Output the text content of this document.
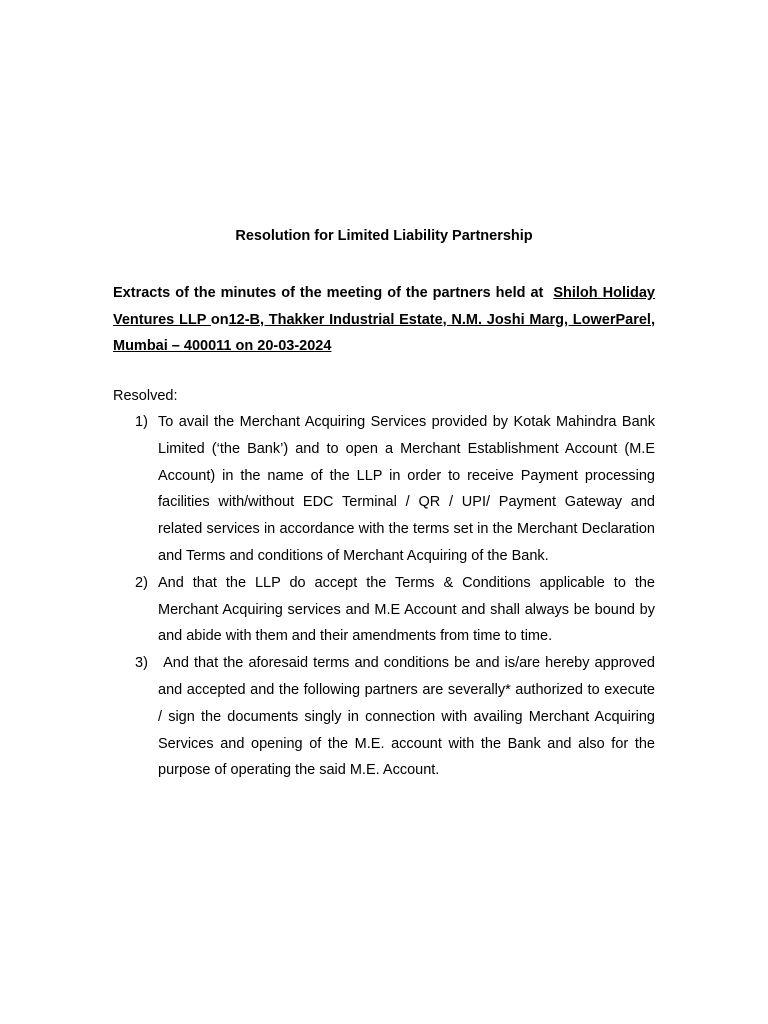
Resolution for Limited Liability Partnership
Extracts of the minutes of the meeting of the partners held at  Shiloh Holiday Ventures LLP on12-B, Thakker Industrial Estate, N.M. Joshi Marg, LowerParel, Mumbai – 400011 on 20-03-2024
Resolved:
1) To avail the Merchant Acquiring Services provided by Kotak Mahindra Bank Limited (‘the Bank’) and to open a Merchant Establishment Account (M.E Account) in the name of the LLP in order to receive Payment processing facilities with/without EDC Terminal / QR / UPI/ Payment Gateway and related services in accordance with the terms set in the Merchant Declaration and Terms and conditions of Merchant Acquiring of the Bank.
2) And that the LLP do accept the Terms & Conditions applicable to the Merchant Acquiring services and M.E Account and shall always be bound by and abide with them and their amendments from time to time.
3) And that the aforesaid terms and conditions be and is/are hereby approved and accepted and the following partners are severally* authorized to execute / sign the documents singly in connection with availing Merchant Acquiring Services and opening of the M.E. account with the Bank and also for the purpose of operating the said M.E. Account.
